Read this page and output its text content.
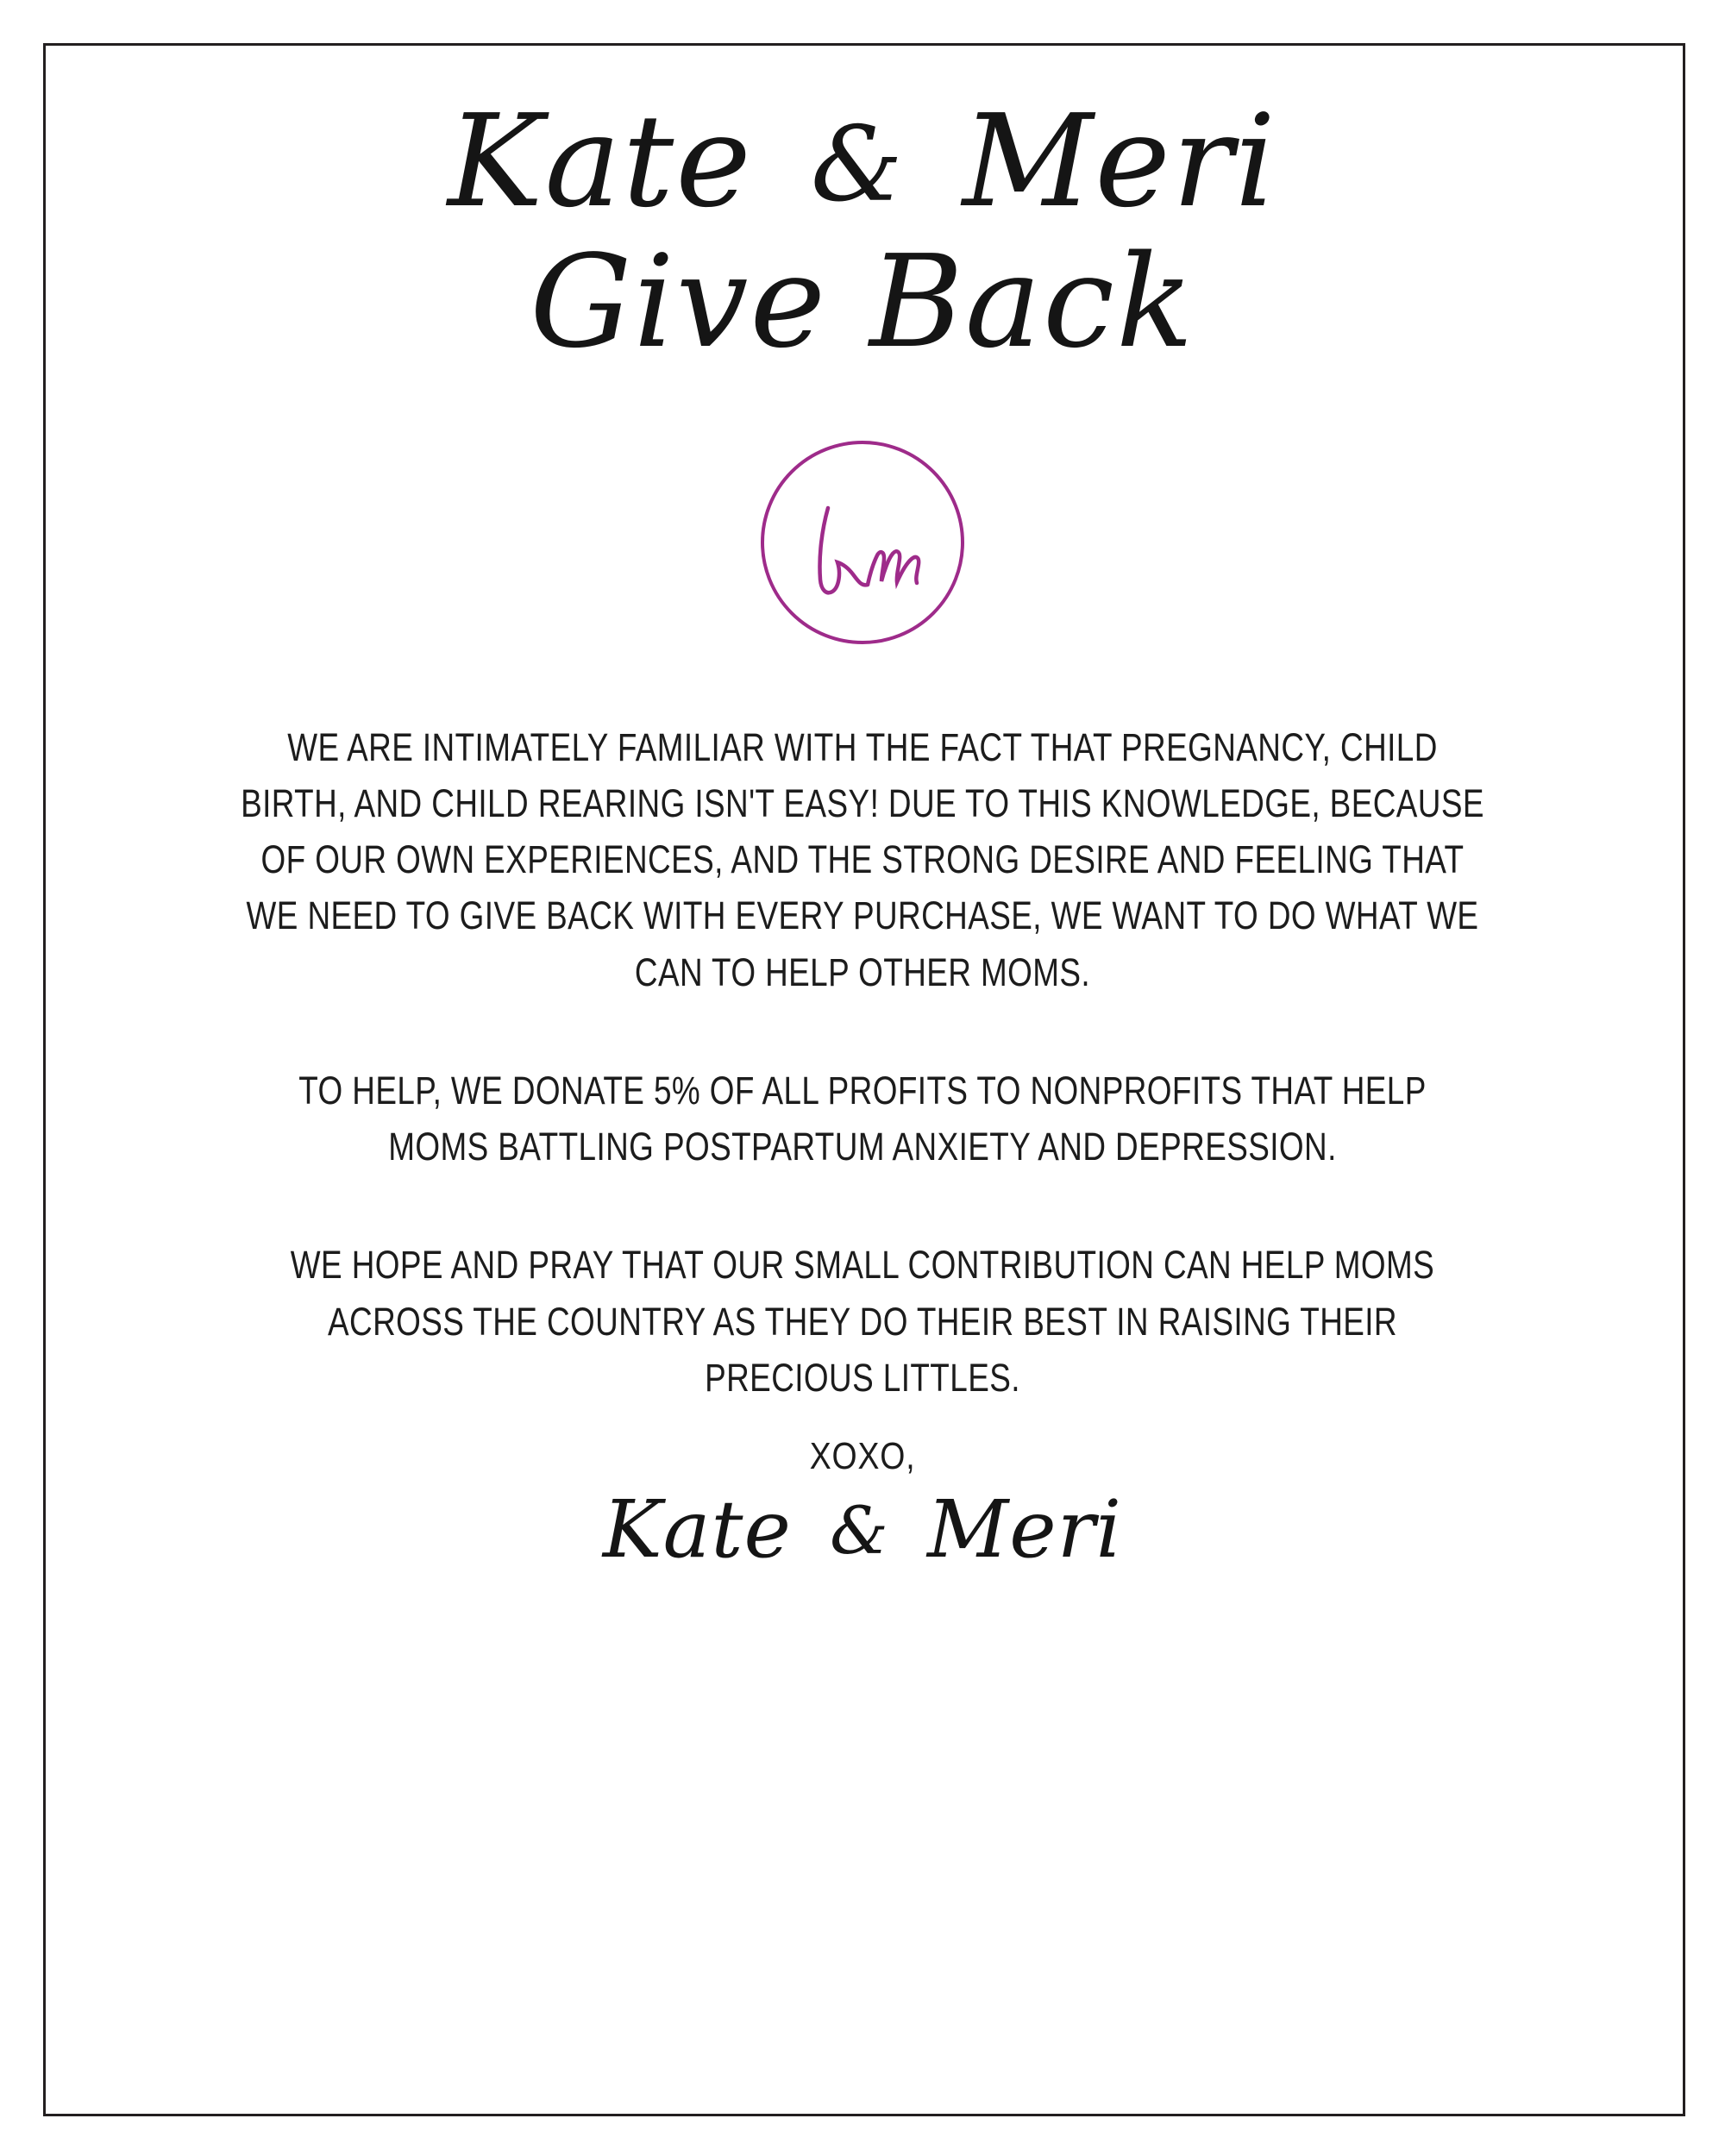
Kate & Meri
Give Back

WE ARE INTIMATELY FAMILIAR WITH THE FACT THAT PREGNANCY, CHILD BIRTH, AND CHILD REARING ISN'T EASY! DUE TO THIS KNOWLEDGE, BECAUSE OF OUR OWN EXPERIENCES, AND THE STRONG DESIRE AND FEELING THAT WE NEED TO GIVE BACK WITH EVERY PURCHASE, WE WANT TO DO WHAT WE CAN TO HELP OTHER MOMS.

TO HELP, WE DONATE 5% OF ALL PROFITS TO NONPROFITS THAT HELP MOMS BATTLING POSTPARTUM ANXIETY AND DEPRESSION.

WE HOPE AND PRAY THAT OUR SMALL CONTRIBUTION CAN HELP MOMS ACROSS THE COUNTRY AS THEY DO THEIR BEST IN RAISING THEIR PRECIOUS LITTLES.

XOXO,
Kate & Meri
